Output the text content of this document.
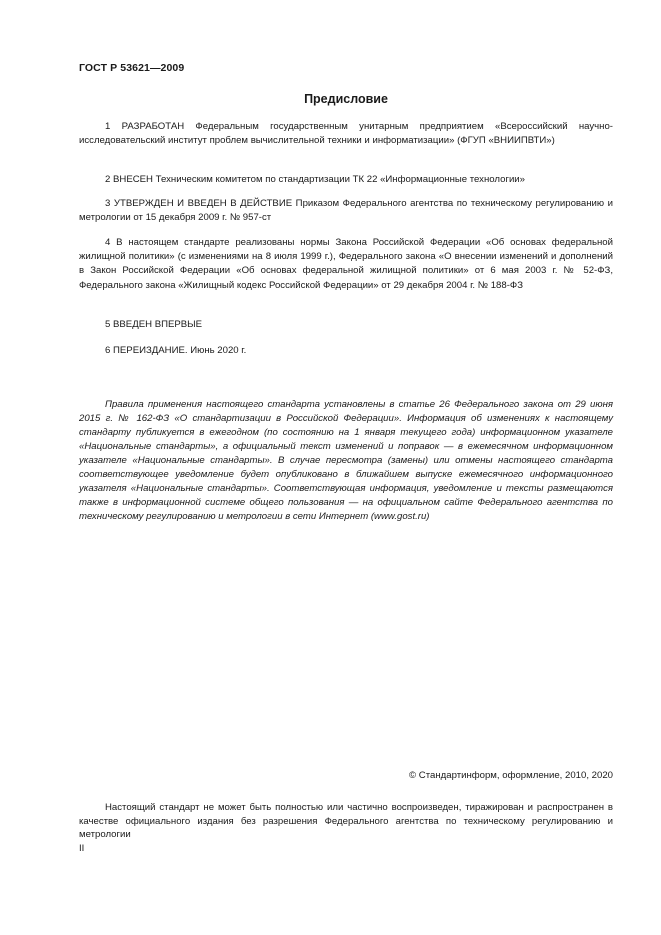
ГОСТ Р 53621—2009
Предисловие

1 РАЗРАБОТАН Федеральным государственным унитарным предприятием «Всероссийский научно-исследовательский институт проблем вычислительной техники и информатизации» (ФГУП «ВНИИПВТИ»)

2 ВНЕСЕН Техническим комитетом по стандартизации ТК 22 «Информационные технологии»

3 УТВЕРЖДЕН И ВВЕДЕН В ДЕЙСТВИЕ Приказом Федерального агентства по техническому регулированию и метрологии от 15 декабря 2009 г. № 957-ст

4 В настоящем стандарте реализованы нормы Закона Российской Федерации «Об основах федеральной жилищной политики» (с изменениями на 8 июля 1999 г.), Федерального закона «О внесении изменений и дополнений в Закон Российской Федерации «Об основах федеральной жилищной политики» от 6 мая 2003 г. № 52-ФЗ, Федерального закона «Жилищный кодекс Российской Федерации» от 29 декабря 2004 г. № 188-ФЗ

5 ВВЕДЕН ВПЕРВЫЕ

6 ПЕРЕИЗДАНИЕ. Июнь 2020 г.

Правила применения настоящего стандарта установлены в статье 26 Федерального закона от 29 июня 2015 г. № 162-ФЗ «О стандартизации в Российской Федерации». Информация об изменениях к настоящему стандарту публикуется в ежегодном (по состоянию на 1 января текущего года) информационном указателе «Национальные стандарты», а официальный текст изменений и поправок — в ежемесячном информационном указателе «Национальные стандарты». В случае пересмотра (замены) или отмены настоящего стандарта соответствующее уведомление будет опубликовано в ближайшем выпуске ежемесячного информационного указателя «Национальные стандарты». Соответствующая информация, уведомление и тексты размещаются также в информационной системе общего пользования — на официальном сайте Федерального агентства по техническому регулированию и метрологии в сети Интернет (www.gost.ru)

© Стандартинформ, оформление, 2010, 2020

Настоящий стандарт не может быть полностью или частично воспроизведен, тиражирован и распространен в качестве официального издания без разрешения Федерального агентства по техническому регулированию и метрологии

II
